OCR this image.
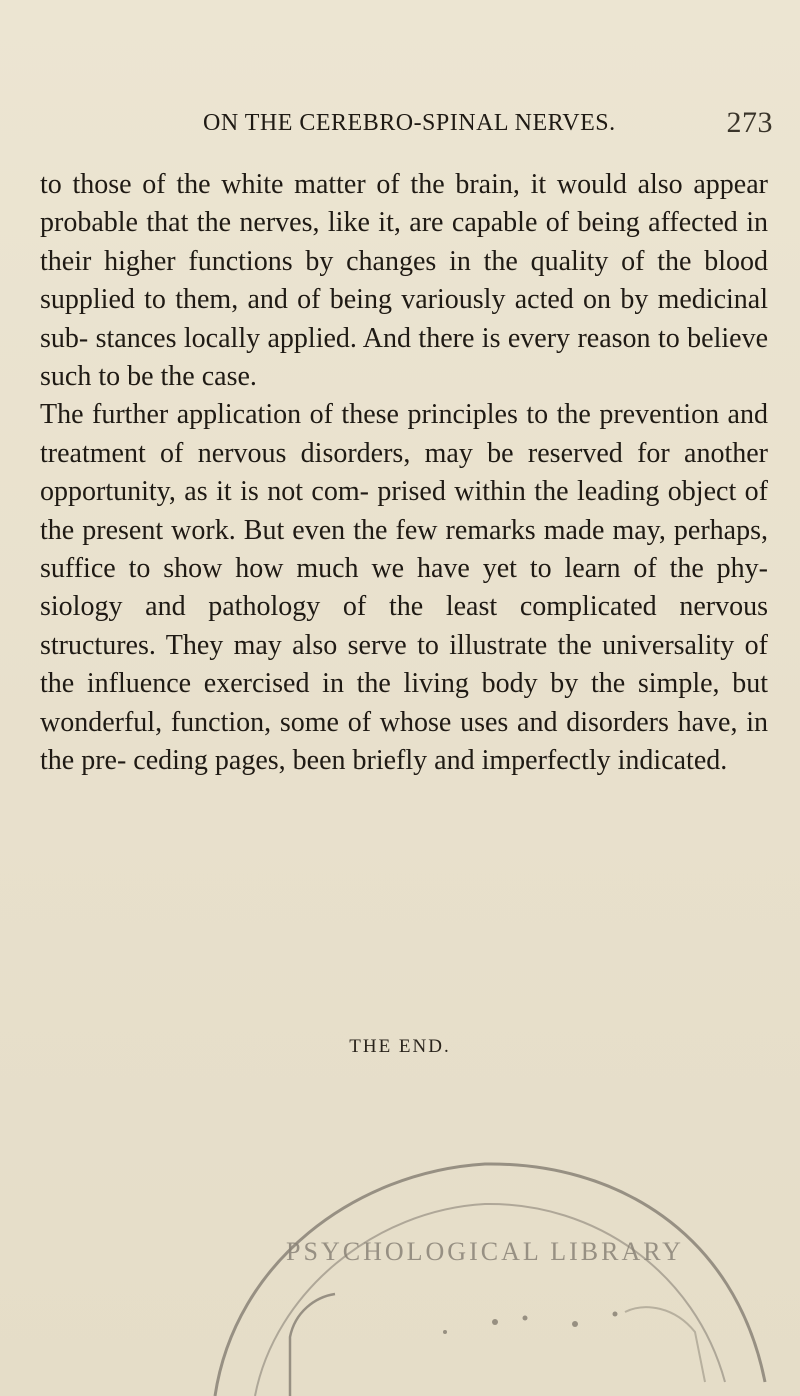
ON THE CEREBRO-SPINAL NERVES.	273

to those of the white matter of the brain, it would also appear probable that the nerves, like it, are capable of being affected in their higher functions by changes in the quality of the blood supplied to them, and of being variously acted on by medicinal sub- stances locally applied. And there is every reason to believe such to be the case.

The further application of these principles to the prevention and treatment of nervous disorders, may be reserved for another opportunity, as it is not com- prised within the leading object of the present work. But even the few remarks made may, perhaps, suffice to show how much we have yet to learn of the phy- siology and pathology of the least complicated nervous structures. They may also serve to illustrate the universality of the influence exercised in the living body by the simple, but wonderful, function, some of whose uses and disorders have, in the pre- ceding pages, been briefly and imperfectly indicated.

THE END.
PSYCHOLOGICAL LIBRARY
